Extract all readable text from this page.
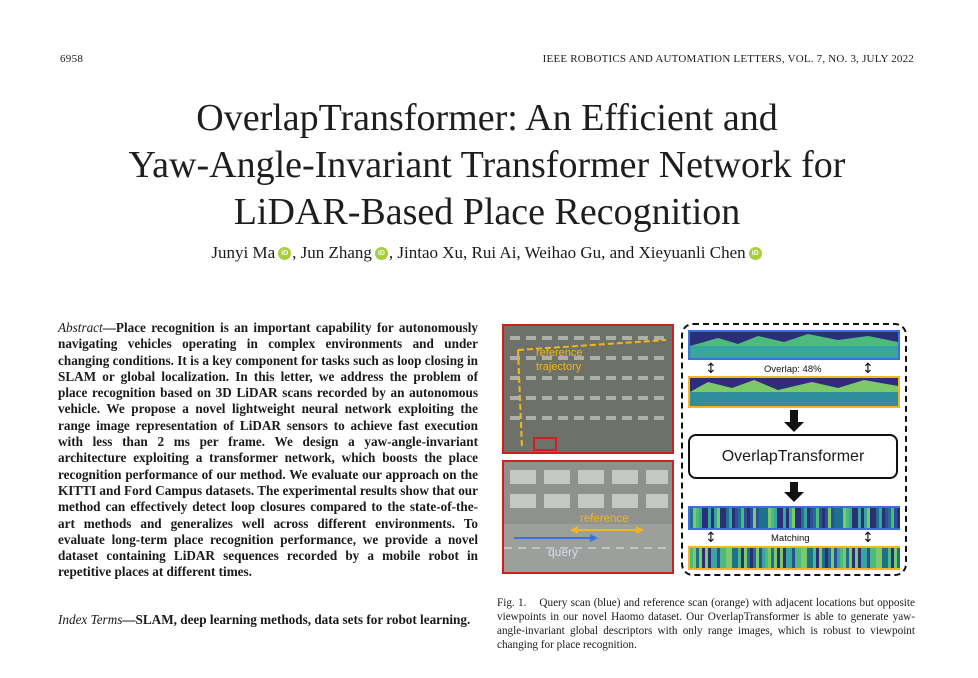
6958	IEEE ROBOTICS AND AUTOMATION LETTERS, VOL. 7, NO. 3, JULY 2022
OverlapTransformer: An Efficient and
Yaw-Angle-Invariant Transformer Network for
LiDAR-Based Place Recognition
Junyi Ma iD , Jun Zhang iD , Jintao Xu, Rui Ai, Weihao Gu, and Xieyuanli Chen iD

Abstract—Place recognition is an important capability for autonomously navigating vehicles operating in complex environments and under changing conditions. It is a key component for tasks such as loop closing in SLAM or global localization. In this letter, we address the problem of place recognition based on 3D LiDAR scans recorded by an autonomous vehicle. We propose a novel lightweight neural network exploiting the range image representation of LiDAR sensors to achieve fast execution with less than 2 ms per frame. We design a yaw-angle-invariant architecture exploiting a transformer network, which boosts the place recognition performance of our method. We evaluate our approach on the KITTI and Ford Campus datasets. The experimental results show that our method can effectively detect loop closures compared to the state-of-the-art methods and generalizes well across different environments. To evaluate long-term place recognition performance, we provide a novel dataset containing LiDAR sequences recorded by a mobile robot in repetitive places at different times.

Index Terms—SLAM, deep learning methods, data sets for robot learning.

reference
trajectory
reference
query
↕	↕
Overlap: 48%
OverlapTransformer
↕	↕
Matching

Fig. 1. Query scan (blue) and reference scan (orange) with adjacent locations but opposite viewpoints in our novel Haomo dataset. Our OverlapTransformer is able to generate yaw-angle-invariant global descriptors with only range images, which is robust to viewpoint changing for place recognition.
